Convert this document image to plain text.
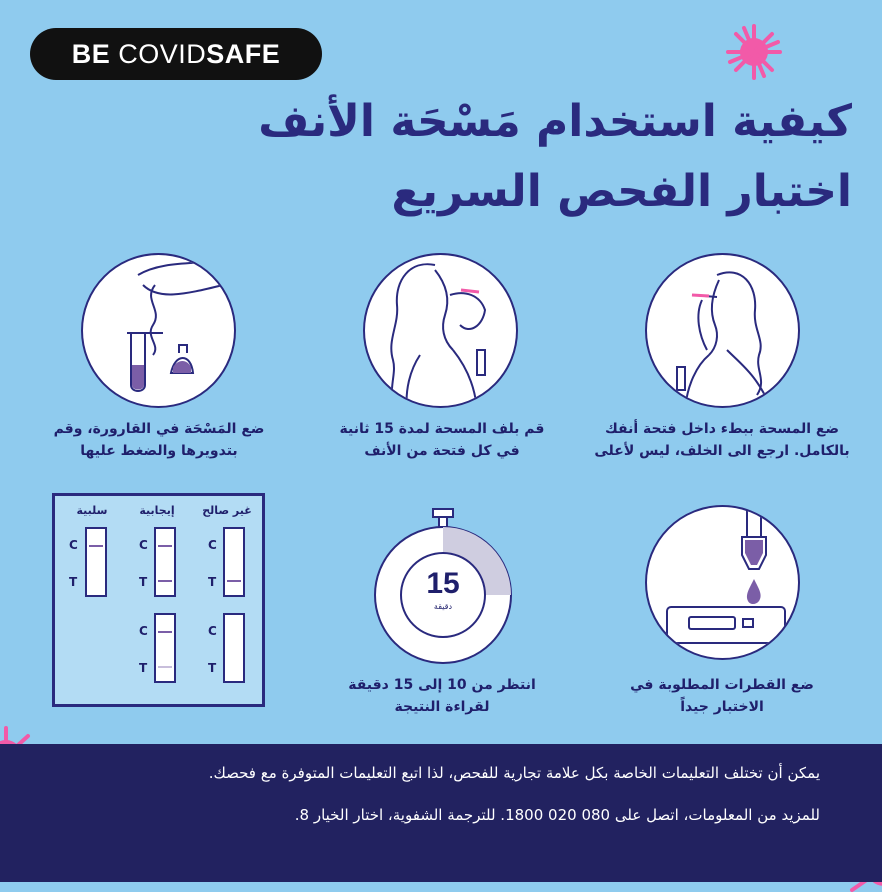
BE COVID SAFE
كيفية استخدام مَسْحَة الأنف
اختبار الفحص السريع
ضع المسحة ببطء داخل فتحة أنفك
بالكامل. ارجع الى الخلف، ليس لأعلى
قم بلف المسحة لمدة 15 ثانية
في كل فتحة من الأنف
ضع المَسْحَة في القارورة، وقم
بتدويرها والضغط عليها
ضع القطرات المطلوبة في
الاختبار جيداً
15
دقيقة
انتظر من 10 إلى 15 دقيقة
لقراءة النتيجة
غير صالح
إيجابية
سلبية
C
T
C
T
C
T
C
T
C
T
يمكن أن تختلف التعليمات الخاصة بكل علامة تجارية للفحص، لذا اتبع التعليمات المتوفرة مع فحصك.
للمزيد من المعلومات، اتصل على 080 020 1800. للترجمة الشفوية، اختار الخيار 8.
